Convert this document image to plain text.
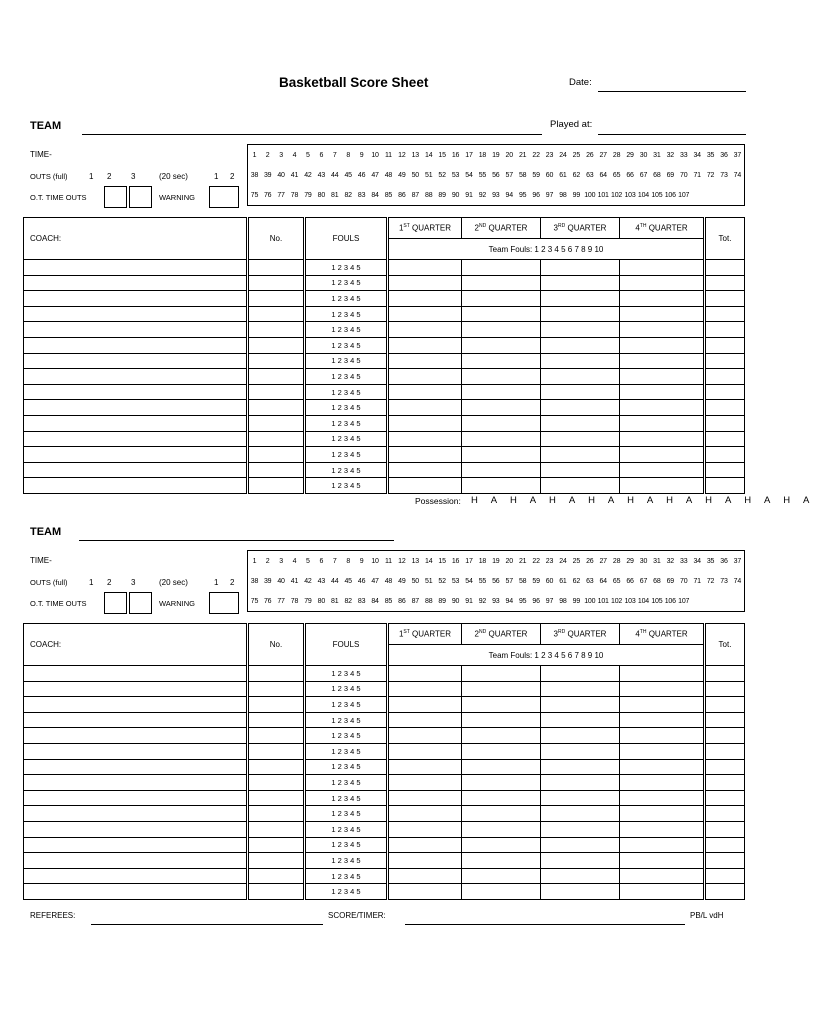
Basketball Score Sheet	Date:
TEAM	Played at:
TIME-
OUTS (full)	1 2 3	(20 sec)	1 2
O.T. TIME OUTS	WARNING
1	2	3	4	5	6	7	8	9	10	11	12	13	14	15	16	17	18	19	20	21	22	23	24	25	26	27	28	29	30	31	32	33	34	35	36	37
38	39	40	41	42	43	44	45	46	47	48	49	50	51	52	53	54	55	56	57	58	59	60	61	62	63	64	65	66	67	68	69	70	71	72	73	74
75	76	77	78	79	80	81	82	83	84	85	86	87	88	89	90	91	92	93	94	95	96	97	98	99	100	101	102	103	104	105	106	107				
COACH:	No.	FOULS	1ST QUARTER	2ND QUARTER	3RD QUARTER	4TH QUARTER	Tot.
			Team Fouls: 1 2 3 4 5 6 7 8 9 10				
		1 2 3 4 5					
		1 2 3 4 5					
		1 2 3 4 5					
		1 2 3 4 5					
		1 2 3 4 5					
		1 2 3 4 5					
		1 2 3 4 5					
		1 2 3 4 5					
		1 2 3 4 5					
		1 2 3 4 5					
		1 2 3 4 5					
		1 2 3 4 5					
		1 2 3 4 5					
		1 2 3 4 5					
		1 2 3 4 5					
Possession: H A H A H A H A H A H A H A H A H A
TEAM
TIME-
OUTS (full)	1 2 3	(20 sec)	1 2
O.T. TIME OUTS	WARNING
1	2	3	4	5	6	7	8	9	10	11	12	13	14	15	16	17	18	19	20	21	22	23	24	25	26	27	28	29	30	31	32	33	34	35	36	37
38	39	40	41	42	43	44	45	46	47	48	49	50	51	52	53	54	55	56	57	58	59	60	61	62	63	64	65	66	67	68	69	70	71	72	73	74
75	76	77	78	79	80	81	82	83	84	85	86	87	88	89	90	91	92	93	94	95	96	97	98	99	100	101	102	103	104	105	106	107				
COACH:	No.	FOULS	1ST QUARTER	2ND QUARTER	3RD QUARTER	4TH QUARTER	Tot.
			Team Fouls: 1 2 3 4 5 6 7 8 9 10				
		1 2 3 4 5					
		1 2 3 4 5					
		1 2 3 4 5					
		1 2 3 4 5					
		1 2 3 4 5					
		1 2 3 4 5					
		1 2 3 4 5					
		1 2 3 4 5					
		1 2 3 4 5					
		1 2 3 4 5					
		1 2 3 4 5					
		1 2 3 4 5					
		1 2 3 4 5					
		1 2 3 4 5					
		1 2 3 4 5					
REFEREES:	SCORE/TIMER:	PB/L vdH
